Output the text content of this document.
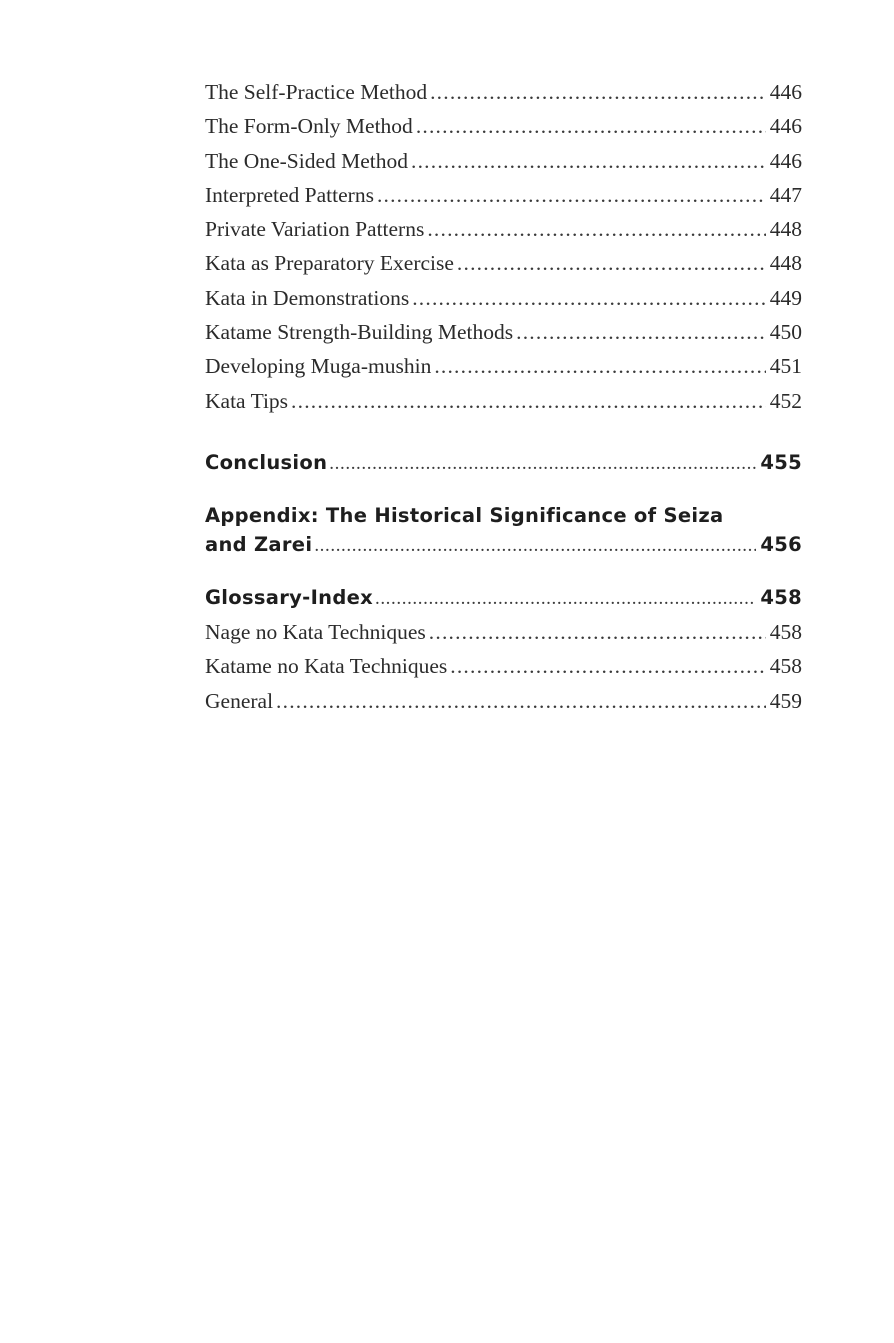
The Self-Practice Method .....	446
The Form-Only Method .....	446
The One-Sided Method .....	446
Interpreted Patterns .....	447
Private Variation Patterns .....	448
Kata as Preparatory Exercise .....	448
Kata in Demonstrations .....	449
Katame Strength-Building Methods .....	450
Developing Muga-mushin .....	451
Kata Tips .....	452
Conclusion .....	455
Appendix: The Historical Significance of Seiza
and Zarei .....	456
Glossary-Index .....	458
Nage no Kata Techniques .....	458
Katame no Kata Techniques .....	458
General .....	459
